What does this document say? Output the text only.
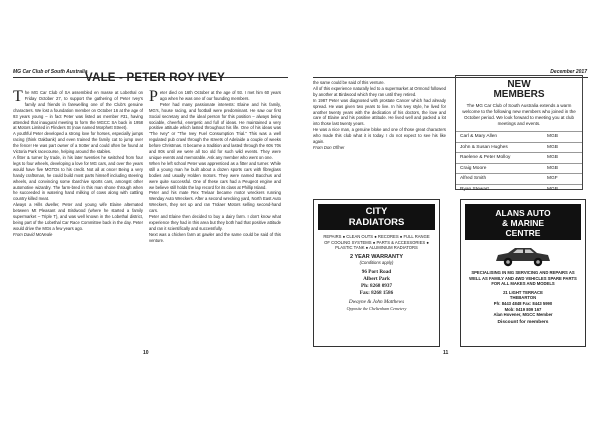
MG Car Club of South Australia
VALE - PETER ROY IVEY

The MG Car Club of SA assembled en masse at Lobethal on Friday October 27, to support the gathering of Peter Ivey's family and friends in farewelling one of the Club's genuine characters. We lost a foundation member on October 16 at the age of 93 years young – in fact Peter was listed as member #31, having attended that inaugural meeting to form the MGCC SA back in 1958 at Motors Limited in Flinders St (now named Morphett Street).

A youthful Peter developed a strong love for horses, especially jumps racing (think Oakbank) and even trained the family cat to jump over the fence! He was part owner of a trotter and could often be found at Victoria Park racecourse, helping around the stables.

A fitter & turner by trade, in his later twenties he switched from four legs to four wheels, developing a love for MG cars, and over the years would have five MGTDs to his credit. Not all at once! Being a very handy craftsman, he could build most parts himself including steering wheels, and convincing some Ibarchive sports cars, amongst other automotive wizardry. The farm-bred in this man shone through when he succeeded in watering hand milking of cows along with cattling country killed meat.

Always a Hills dweller, Peter and young wife Elaine alternated between Mt Pleasant and Birdwood (where he started a family supermarket – Triple T), and was well known in the Lobethal district, being part of the Lobethal Car Race Committee back in the day. Peter would drive the MGs a few years ago.

From David McNeale

Peter died on 16th October at the age of 93. I met him 60 years ago when he was one of our founding members.

Peter had many passionate interests: Elaine and his family, MG's, house racing, and football were predominant. He saw our first Social secretary and the ideal person for this position – always being sociable, cheerful, energetic and full of ideas. He maintained a very positive attitude which lasted throughout his life. One of his ideas was "The Ivey" or "The Ivey Fuel Consumption Trial." This was a well regulated pub crawl through the streets of Adelaide a couple of weeks before Christmas. It became a tradition and lasted through the 60s 70s and 80s until we were all too old for such wild events. They were unique events and memorable. Ask any member who went on one.

When he left school Peter was apprenticed as a fitter and turner. While still a young man he built about a dozen sports cars with fibreglass bodies and usually Holden motors. They were named Bacchus and were quite successful. One of these cars had a Peugeot engine and we believe still holds the lap record for its class at Phillip Island.

Peter and his mate Rex Trelaar became motor wreckers running Wenday Auto Wreckers. After a second wrecking yard, North East Auto Wreckers, they set up and ran Trolaer Motors selling second-hand cars.

Peter and Elaine then decided to buy a dairy farm. I don't know what experience they had in this area but they both had that positive attitude and ran it scientifically and successfully.

Next was a chicken farm at gawler and the same could be said of this venture.

10
December 2017

the same could be said of this venture.

All of this experience naturally led to a supermarket at Ormond followed by another at Birdwood which they ran until they retired.

In 1987 Peter was diagnosed with prostate Cancer which had already spread. He was given two years to live. In his Ivey style, he lived for another twenty years with the dedication of his doctors, the love and care of Elaine and his positive attitude. He lived well and packed a lot into those last twenty years.

He was a nice man, a genuine bloke and one of those great characters who made this club what it is today. I do not expect to see his like again.

From Don Offner

NEW
MEMBERS
The MG Car Club of South Australia extends a warm welcome to the following new members who joined in the October period. We look forward to meeting you at club meetings and events.
Carl & Mary Allen	MGB
John & Susan Hughes	MGB
Raelene & Peter Molloy	MGB
Craig Moore	MGB
Alfred Smith	MGF
Ryan Stewart	MGB
CITY
RADIATORS
REPAIRS ● CLEAN OUTS ● RECORES ● FULL RANGE OF COOLING SYSTEMS ● PARTS & ACCESSORIES ● PLASTIC TANK ● ALUMINIUM RADIATORS
2 YEAR WARRANTY
(Conditions apply)
96 Port Road
Albert Park
Ph: 8268 0937
Fax: 8268 1586
Dwayne & John Matthews
Opposite the Cheltenham Cemetery
ALANS AUTO
& MARINE
CENTRE
SPECIALISING IN MG SERVICING AND REPAIRS AS WELL AS FAMILY AND 4WD VEHICLES SPARE PARTS FOR ALL MAKES AND MODELS
21 LIGHT TERRACE
THEBARTON
Ph: 8443 4848 Fax: 8443 5990
Mob: 0419 809 167
Alan Hovener, MGCC Member
Discount for members
11
